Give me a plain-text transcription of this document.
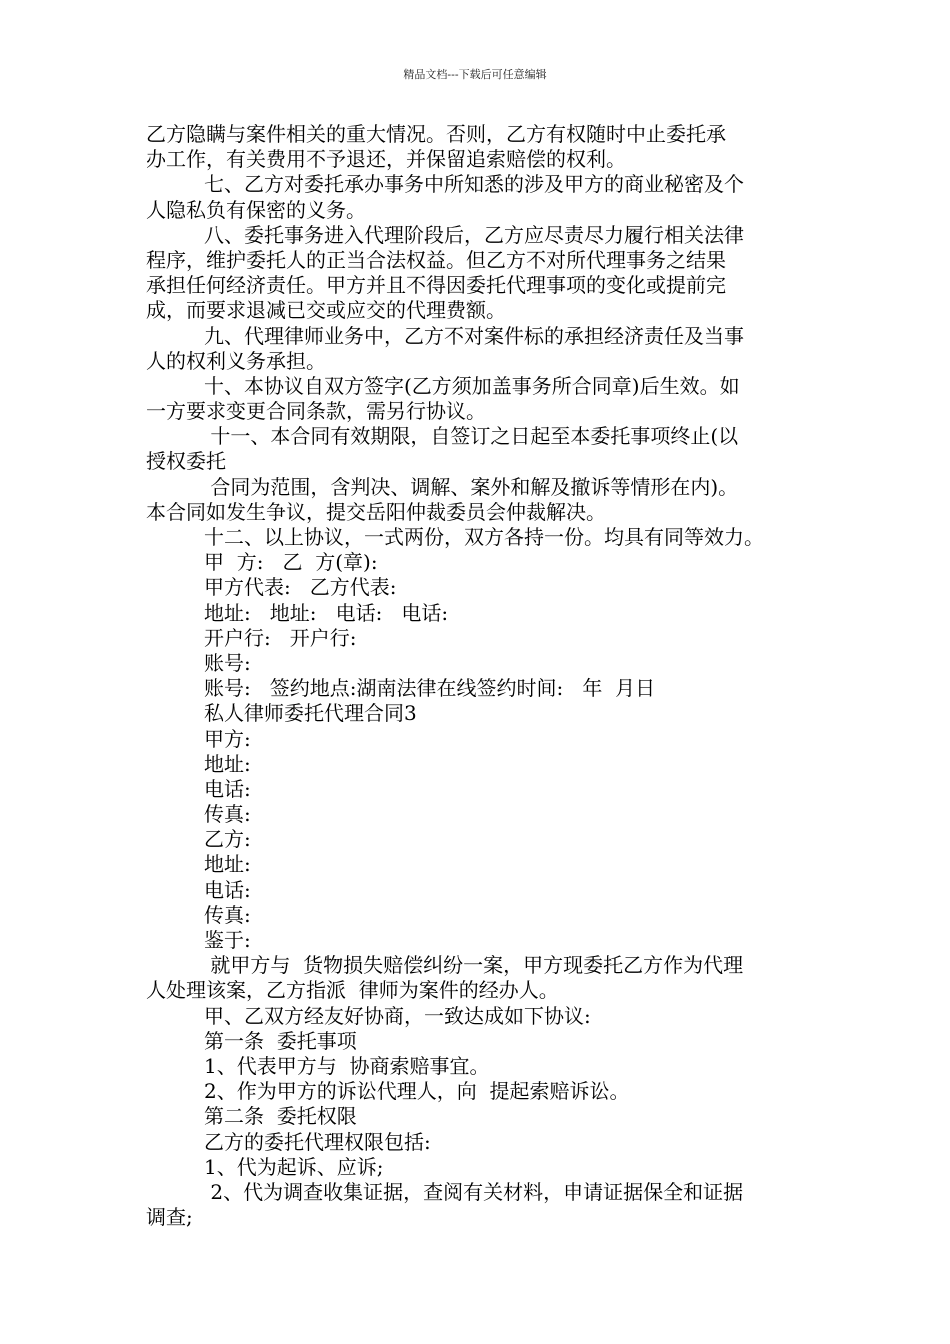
精品文档---下载后可任意编辑
乙方隐瞒与案件相关的重大情况。否则，乙方有权随时中止委托承
办工作，有关费用不予退还，并保留追索赔偿的权利。
七、乙方对委托承办事务中所知悉的涉及甲方的商业秘密及个
人隐私负有保密的义务。
八、委托事务进入代理阶段后，乙方应尽责尽力履行相关法律
程序，维护委托人的正当合法权益。但乙方不对所代理事务之结果
承担任何经济责任。甲方并且不得因委托代理事项的变化或提前完
成，而要求退减已交或应交的代理费额。
九、代理律师业务中，乙方不对案件标的承担经济责任及当事
人的权利义务承担。
十、本协议自双方签字(乙方须加盖事务所合同章)后生效。如
一方要求变更合同条款，需另行协议。
十一、本合同有效期限，自签订之日起至本委托事项终止(以
授权委托
合同为范围，含判决、调解、案外和解及撤诉等情形在内)。
本合同如发生争议，提交岳阳仲裁委员会仲裁解决。
十二、以上协议，一式两份，双方各持一份。均具有同等效力。
甲  方:   乙  方(章):
甲方代表:   乙方代表:
地址:   地址:   电话:   电话:
开户行:   开户行:
账号:
账号:   签约地点:湖南法律在线签约时间:   年  月日
私人律师委托代理合同3
甲方:
地址:
电话:
传真:
乙方:
地址:
电话:
传真:
鉴于:
就甲方与  货物损失赔偿纠纷一案，甲方现委托乙方作为代理
人处理该案，乙方指派  律师为案件的经办人。
甲、乙双方经友好协商，一致达成如下协议:
第一条  委托事项
1、代表甲方与  协商索赔事宜。
2、作为甲方的诉讼代理人，向  提起索赔诉讼。
第二条  委托权限
乙方的委托代理权限包括:
1、代为起诉、应诉;
2、代为调查收集证据，查阅有关材料，申请证据保全和证据
调查;
